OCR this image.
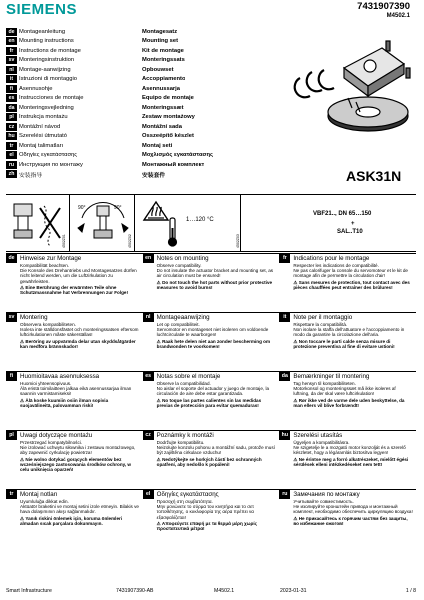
SIEMENS	7431907390
M4502.1
de Montageanleitung	Montagesatz
en Mounting instructions	Mounting set
fr Instructions de montage	Kit de montage
sv Monteringsinstruktion	Monteringssats
nl Montage-aanwijzing	Opbouwset
it	Istruzioni di montaggio	Accoppiamento
fi	Asennusohje	Asennussarja
es Instrucciones de montaje	Equipo de montaje
da Monteringsvejledning	Monteringssæt
pl Instrukcja montażu	Zestaw montażowy
cz Montážní návod	Montážní sada
hu Szerelési útmutató	Összeépítő készlet
tr Montaj talimatları	Montaj seti
el Οδηγίες εγκατάστασης	Μοχλισμός εγκατάστασης
ru Инструкция по монтажу	Монтажный комплект
zh 安装指导	安装套件	ASK31N
4502Z01
90°	90°
4502Z02
1…120 °C
4502Z03
VBF21.., DN 65…150
+
SAL..T10
de Hinweise zur Montage
Kompatibilität beachten.
Die Konsole des Drehantriebs und Montagesatzes dürfen nicht leitend werden, um die Luftzirkulation zu gewährleisten.
⚠ Eine Berührung der erwärmten Teile ohne Schutzmassnahme hat Verbrennungen zur Folge!
en Notes on mounting
Observe compatibility.
Do not insulate the actuator bracket and mounting set, as air circulation must be ensured!
⚠ Do not touch the hot parts without prior protective measures to avoid burns!
fr	Indications pour le montage
Respecter les indications de compatibilité.
Ne pas calorifuger la console du servomoteur et le kit de montage afin de permettre la circulation d'air!
⚠ Sans mesures de protection, tout contact avec des pièces chauffées peut entraîner des brûlures!
sv Montering
Observera kompatibiliteten.
Isolera inte ställdonsfästet och monteringssatsen eftersom luftcirkulationen måste säkerställas!
⚠ Beröring av uppvärmda delar utan skyddsåtgärder kan medföra brännskador!
nl Montageaanwijzing
Let op compatibiliteit.
Servomotor en montageset niet isoleren om voldoende luchtcirculatie te waarborgen!
⚠ Raak hete delen niet aan zonder bescherming om brandwonden te voorkomen!
it	Note per il montaggio
Rispettare la compatibilità.
Non isolare la staffa dell'attuatore e l'accoppiamento in modo da garantire la circolazione dell'aria.
⚠ Non toccare le parti calde senza misure di protezione preventiva al fine di evitare ustioni!
fi	Huomioitavaa asennuksessa
Huomioi yhteensopivuus.
Älä eristä toimilaitteen jalkaa eikä asennussarjaa ilman saannin varmistamiseksi!
⚠ Älä koske kuumiin osiin ilman sopivia suojavälineitä, palovamman riski!
es Notas sobre el montaje
Observe la compatibilidad.
No aislar el soporte del actuador y juego de montaje, la circulación de aire debe estar garantizada.
⚠ No toque las partes calientes sin las medidas previas de protección para evitar quemaduras!
da Bemærkninger til montering
Tag hensyn til kompatibiliteten.
Motorkonsol og monteringssæt må ikke isoleres af luftning, da der skal være luftcirkulation!
⚠ Rør ikke ved de varme dele uden beskyttelse, da man ellers vil blive forbrændt!
pl Uwagi dotyczące montażu
Przestrzegać kompatybilności.
Nie izolować uchwytu siłownika i zestawu montażowego, aby zapewnić cyrkulację powietrza!
⚠ Nie wolno dotykać gorących elementów bez wcześniejszego zastosowania środków ochrony, w celu uniknięcia oparzeń!
cz Poznámky k montáži
Dodržujte kompatibilitu.
Neizolujte konzolu pohonu a montážní sadu, protože musí být zajištěna cirkulace vzduchu!
⚠ Nedotýkejte se horkých částí bez ochranných opatření, aby nedošlo k popálení!
hu Szerelési utasítás
Ügyeljen a kompatibilitásra.
Ne szigetelje le a mozgató motor konzolját és a szerelő készletet, hogy a légáramlás biztosítva legyen!
⚠ Ne érintse meg a forró alkatrészeket, mielőtt égési sérülések elleni intézkedéseket nem tett!
tr	Montaj notları
Uyumluluğa dikkat edin.
Aktüatör braketini ve montaj setini izole etmeyin. Bilakis ve hava dolaşımının akışı sağlanmalıdır.
⚠ Yanık riskini önlemek için, koruma önlemleri almadan sıcak parçalara dokunmayın.
el	Οδηγίες εγκατάστασης
Προσοχή στη συμβατότητα.
Μην μονώνετε το σύρμα του κινητήρα και το σετ τοποθέτησης, ο κυκλοφορία της αέρα πρέπει να εξασφαλίζεται!
⚠ Αποφεύγετε επαφή με τα θερμά μέρη χωρίς προστατευτικά μέτρα!
ru Замечания по монтажу
Учитывайте совместимость.
Не изолируйте кронштейн привода и монтажный комплект, необходимо обеспечить циркуляцию воздуха!
⚠ Не прикасайтесь к горячим частям без защиты, во избежание ожогов!
Smart Infrastructure	7431907390-AB	M4502.1	2023-01-31	1 / 8
